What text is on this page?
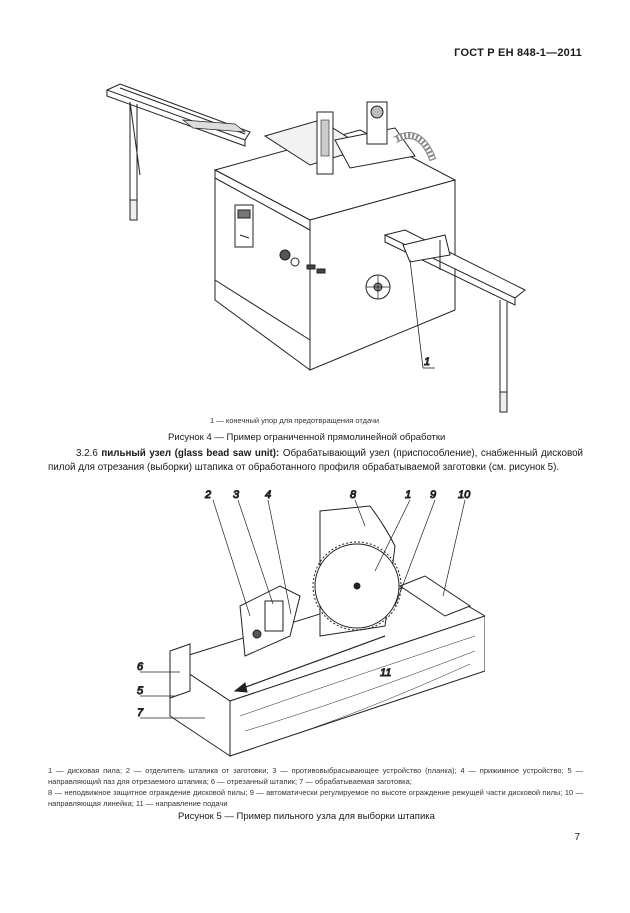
ГОСТ Р ЕН 848-1—2011
1
1 — конечный упор для предотвращения отдачи
Рисунок 4 — Пример ограниченной прямолинейной обработки
3.2.6 пильный узел (glass bead saw unit): Обрабатывающий узел (приспособление), снабженный дисковой пилой для отрезания (выборки) штапика от обработанного профиля обрабатываемой заготовки (см. рисунок 5).
2 3 4	8	1 9 10
6
5
7
11
1 — дисковая пила; 2 — отделитель штапика от заготовки; 3 — противовыбрасывающее устройство (планка); 4 — прижимное устройство; 5 — направляющий паз для отрезаемого штапика; 6 — отрезанный штапик; 7 — обрабатываемая заготовка;
8 — неподвижное защитное ограждение дисковой пилы; 9 — автоматически регулируемое по высоте ограждение режущей части дисковой пилы; 10 — направляющая линейка; 11 — направление подачи
Рисунок 5 — Пример пильного узла для выборки штапика
7
